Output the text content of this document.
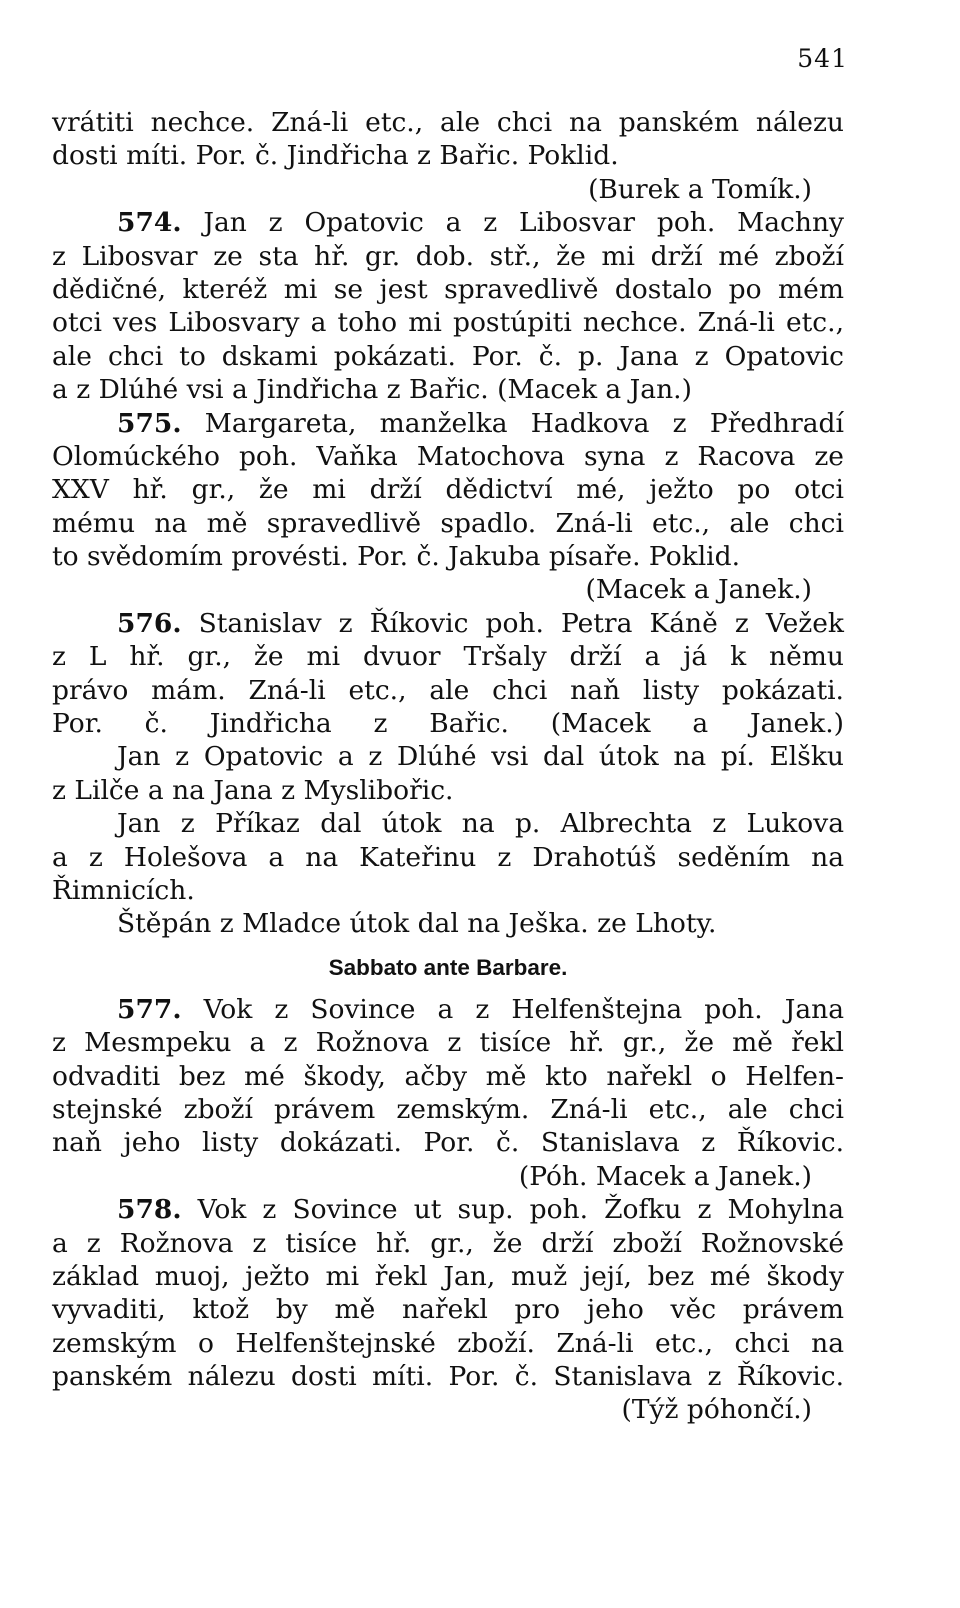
541
vrátiti nechce. Zná-li etc., ale chci na panském nálezu
dosti míti. Por. č. Jindřicha z Bařic. Poklid.
(Burek a Tomík.)
574. Jan z Opatovic a z Libosvar poh. Machny
z Libosvar ze sta hř. gr. dob. stř., že mi drží mé zboží
dědičné, kteréž mi se jest spravedlivě dostalo po mém
otci ves Libosvary a toho mi postúpiti nechce. Zná-li etc.,
ale chci to dskami pokázati. Por. č. p. Jana z Opatovic
a z Dlúhé vsi a Jindřicha z Bařic. (Macek a Jan.)
575. Margareta, manželka Hadkova z Předhradí
Olomúckého poh. Vaňka Matochova syna z Racova ze
XXV hř. gr., že mi drží dědictví mé, ježto po otci
mému na mě spravedlivě spadlo. Zná-li etc., ale chci
to svědomím provésti. Por. č. Jakuba písaře. Poklid.
(Macek a Janek.)
576. Stanislav z Říkovic poh. Petra Káně z Vežek
z L hř. gr., že mi dvuor Tršaly drží a já k němu
právo mám. Zná-li etc., ale chci naň listy pokázati.
Por. č. Jindřicha z Bařic. (Macek a Janek.)
Jan z Opatovic a z Dlúhé vsi dal útok na pí. Elšku
z Lilče a na Jana z Myslibořic.
Jan z Příkaz dal útok na p. Albrechta z Lukova
a z Holešova a na Kateřinu z Drahotúš seděním na
Řimnicích.
Štěpán z Mladce útok dal na Ješka. ze Lhoty.
Sabbato ante Barbare.
577. Vok z Sovince a z Helfenštejna poh. Jana
z Mesmpeku a z Rožnova z tisíce hř. gr., že mě řekl
odvaditi bez mé škody, ačby mě kto nařekl o Helfen-
stejnské zboží právem zemským. Zná-li etc., ale chci
naň jeho listy dokázati. Por. č. Stanislava z Říkovic.
(Póh. Macek a Janek.)
578. Vok z Sovince ut sup. poh. Žofku z Mohylna
a z Rožnova z tisíce hř. gr., že drží zboží Rožnovské
základ muoj, ježto mi řekl Jan, muž její, bez mé škody
vyvaditi, ktož by mě nařekl pro jeho věc právem
zemským o Helfenštejnské zboží. Zná-li etc., chci na
panském nálezu dosti míti. Por. č. Stanislava z Říkovic.
(Týž póhončí.)
